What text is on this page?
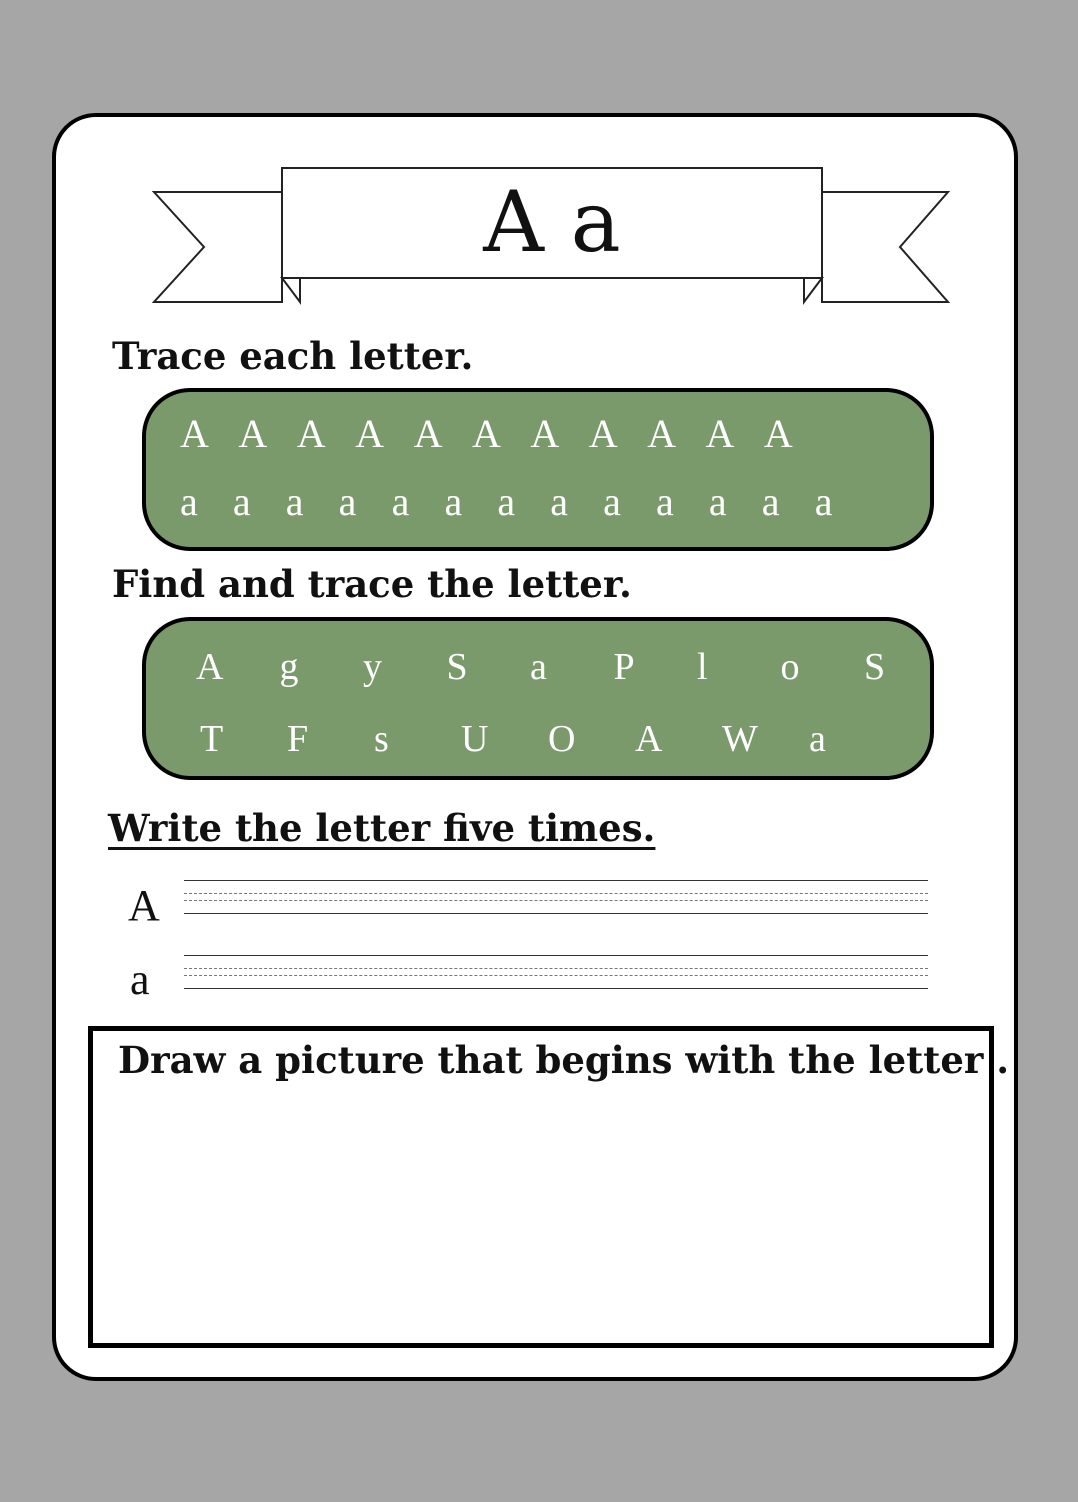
A a
Trace each letter.
A A A A A A A A A A A
a a a a a a a a a a a a a
Find and trace the letter.
A	g	y	S	a	P	l	o	S
T	F	s	U	O	A	W	a
Write the letter five times.
A
a
Draw a picture that begins with the letter .
